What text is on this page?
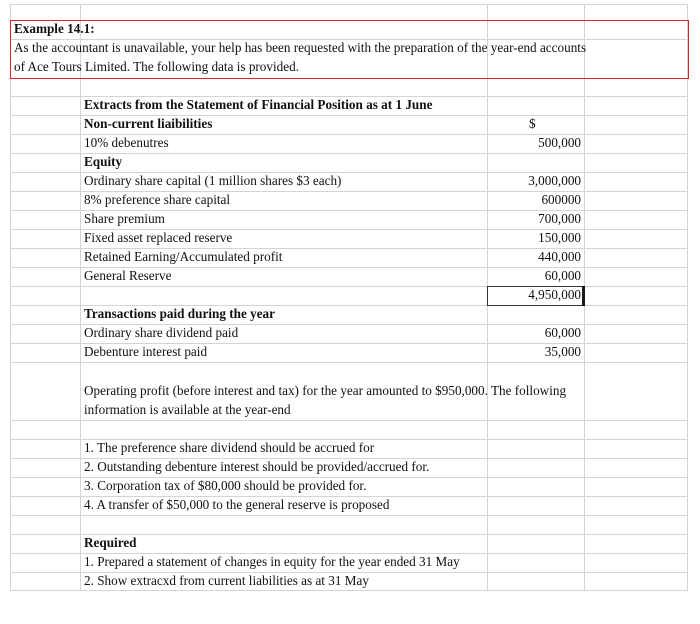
Example 14.1:
As the accountant is unavailable, your help has been requested with the preparation of the year-end accounts
of Ace Tours Limited. The following data is provided.
Extracts from the Statement of Financial Position as at 1 June
Non-current liaibilities	$
10% debenutres	500,000
Equity
Ordinary share capital (1 million shares $3 each)	3,000,000
8% preference share capital	600000
Share premium	700,000
Fixed asset replaced reserve	150,000
Retained Earning/Accumulated profit	440,000
General Reserve	60,000
4,950,000
Transactions paid during the year
Ordinary share dividend paid	60,000
Debenture interest paid	35,000
Operating profit (before interest and tax) for the year amounted to $950,000. The following
information is available at the year-end
1. The preference share dividend should be accrued for
2. Outstanding debenture interest should be provided/accrued for.
3. Corporation tax of $80,000 should be provided for.
4. A transfer of $50,000 to the general reserve is proposed
Required
1. Prepared a statement of changes in equity for the year ended 31 May
2. Show extracxd from current liabilities as at 31 May
